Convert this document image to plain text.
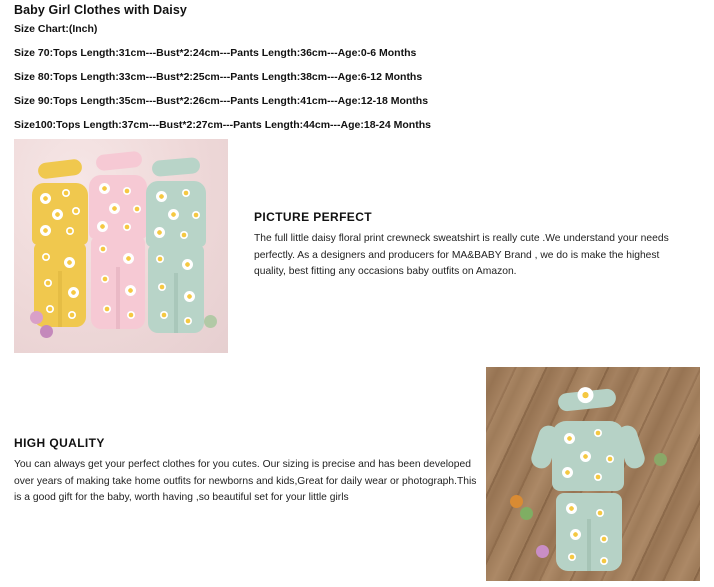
Baby Girl Clothes with Daisy
Size Chart:(Inch)
Size 70:Tops Length:31cm---Bust*2:24cm---Pants Length:36cm---Age:0-6 Months
Size 80:Tops Length:33cm---Bust*2:25cm---Pants Length:38cm---Age:6-12 Months
Size 90:Tops Length:35cm---Bust*2:26cm---Pants Length:41cm---Age:12-18 Months
Size100:Tops Length:37cm---Bust*2:27cm---Pants Length:44cm---Age:18-24 Months
PICTURE PERFECT
The full little daisy floral print crewneck sweatshirt is really cute .We understand your needs perfectly. As a designers and producers for MA&BABY Brand , we do is make the highest quality, best fitting any occasions baby outfits on Amazon.
HIGH QUALITY
You can always get your perfect clothes for you cutes. Our sizing is precise and has been developed over years of making take home outfits for newborns and kids,Great for daily wear or photograph.This is a good gift for the baby, worth having ,so beautiful set for your little girls
